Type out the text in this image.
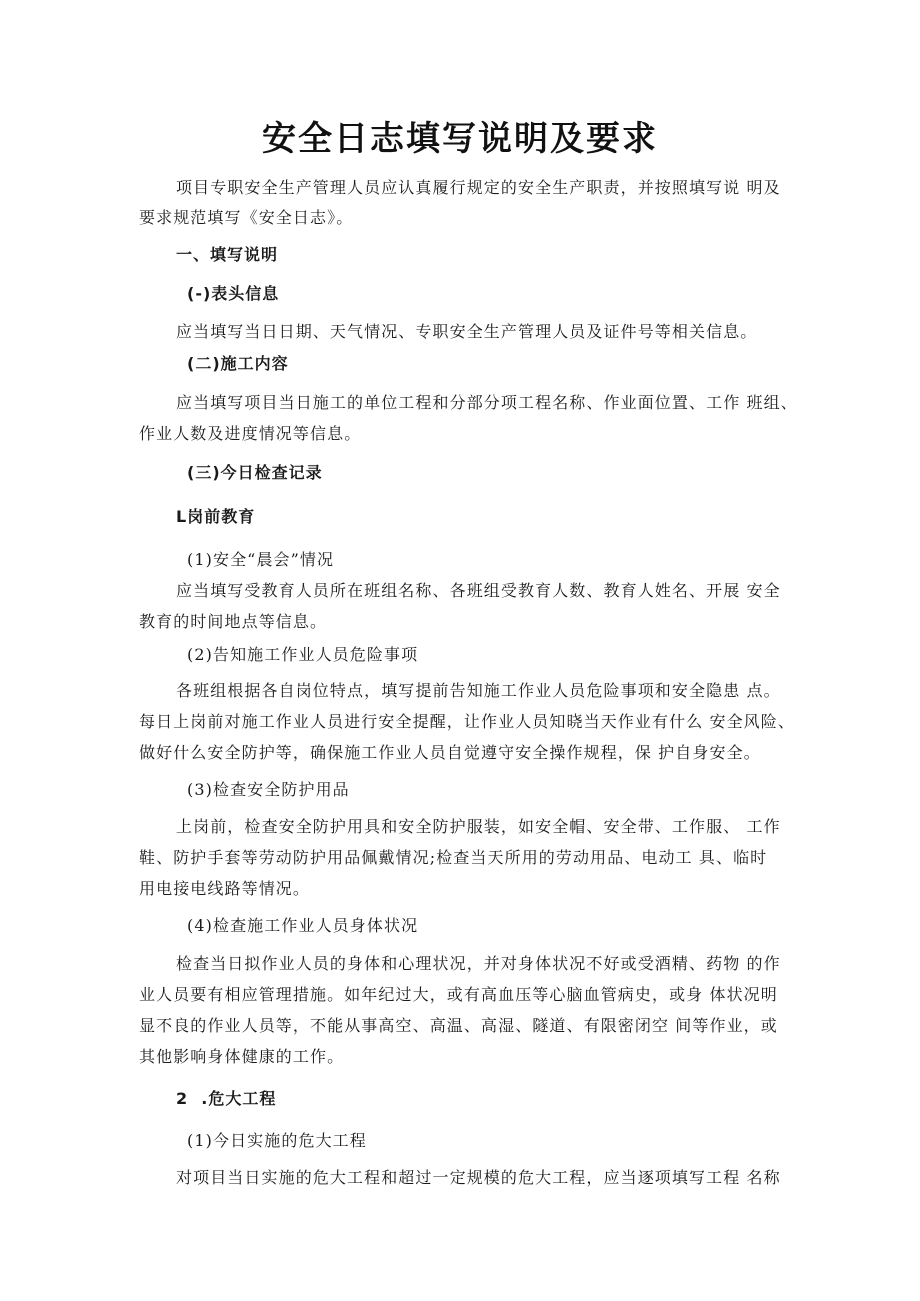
安全日志填写说明及要求

项目专职安全生产管理人员应认真履行规定的安全生产职责，并按照填写说 明及

要求规范填写《安全日志》。

一、填写说明

(-)表头信息

应当填写当日日期、天气情况、专职安全生产管理人员及证件号等相关信息。

(二)施工内容

应当填写项目当日施工的单位工程和分部分项工程名称、作业面位置、工作 班组、

作业人数及进度情况等信息。

(三)今日检查记录

L岗前教育

(1)安全“晨会”情况

应当填写受教育人员所在班组名称、各班组受教育人数、教育人姓名、开展 安全

教育的时间地点等信息。

(2)告知施工作业人员危险事项

各班组根据各自岗位特点，填写提前告知施工作业人员危险事项和安全隐患 点。

每日上岗前对施工作业人员进行安全提醒，让作业人员知晓当天作业有什么 安全风险、

做好什么安全防护等，确保施工作业人员自觉遵守安全操作规程，保 护自身安全。

(3)检查安全防护用品

上岗前，检查安全防护用具和安全防护服装，如安全帽、安全带、工作服、 工作

鞋、防护手套等劳动防护用品佩戴情况;检查当天所用的劳动用品、电动工 具、临时

用电接电线路等情况。

(4)检查施工作业人员身体状况

检查当日拟作业人员的身体和心理状况，并对身体状况不好或受酒精、药物 的作

业人员要有相应管理措施。如年纪过大，或有高血压等心脑血管病史，或身 体状况明

显不良的作业人员等，不能从事高空、高温、高湿、隧道、有限密闭空 间等作业，或

其他影响身体健康的工作。

2  .危大工程

(1)今日实施的危大工程

对项目当日实施的危大工程和超过一定规模的危大工程，应当逐项填写工程 名称
